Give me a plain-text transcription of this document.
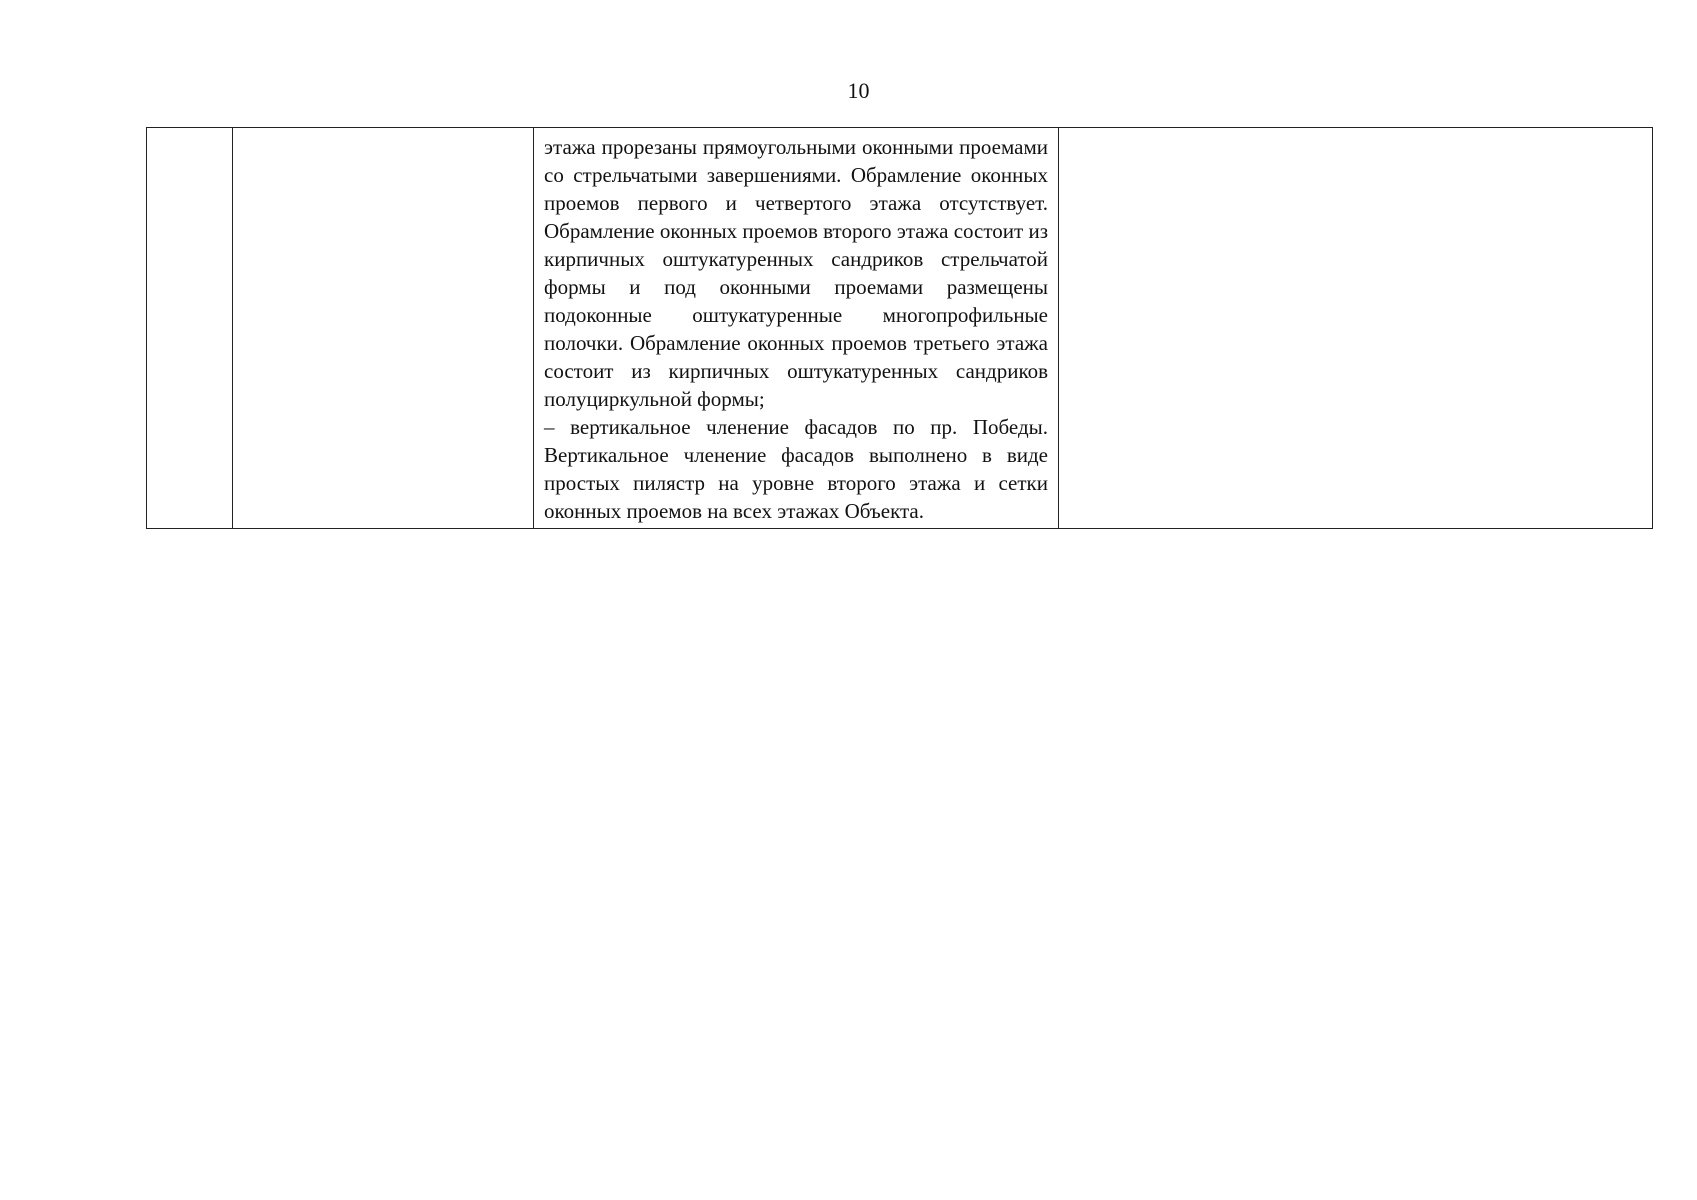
10

этажа прорезаны прямоугольными оконными проемами со стрельчатыми завершениями. Обрамление оконных проемов первого и четвертого этажа отсутствует. Обрамление оконных проемов второго этажа состоит из кирпичных оштукатуренных сандриков стрельчатой формы и под оконными проемами размещены подоконные оштукатуренные многопрофильные полочки. Обрамление оконных проемов третьего этажа состоит из кирпичных оштукатуренных сандриков полуциркульной формы;

– вертикальное членение фасадов по пр. Победы. Вертикальное членение фасадов выполнено в виде простых пилястр на уровне второго этажа и сетки оконных проемов на всех этажах Объекта.
